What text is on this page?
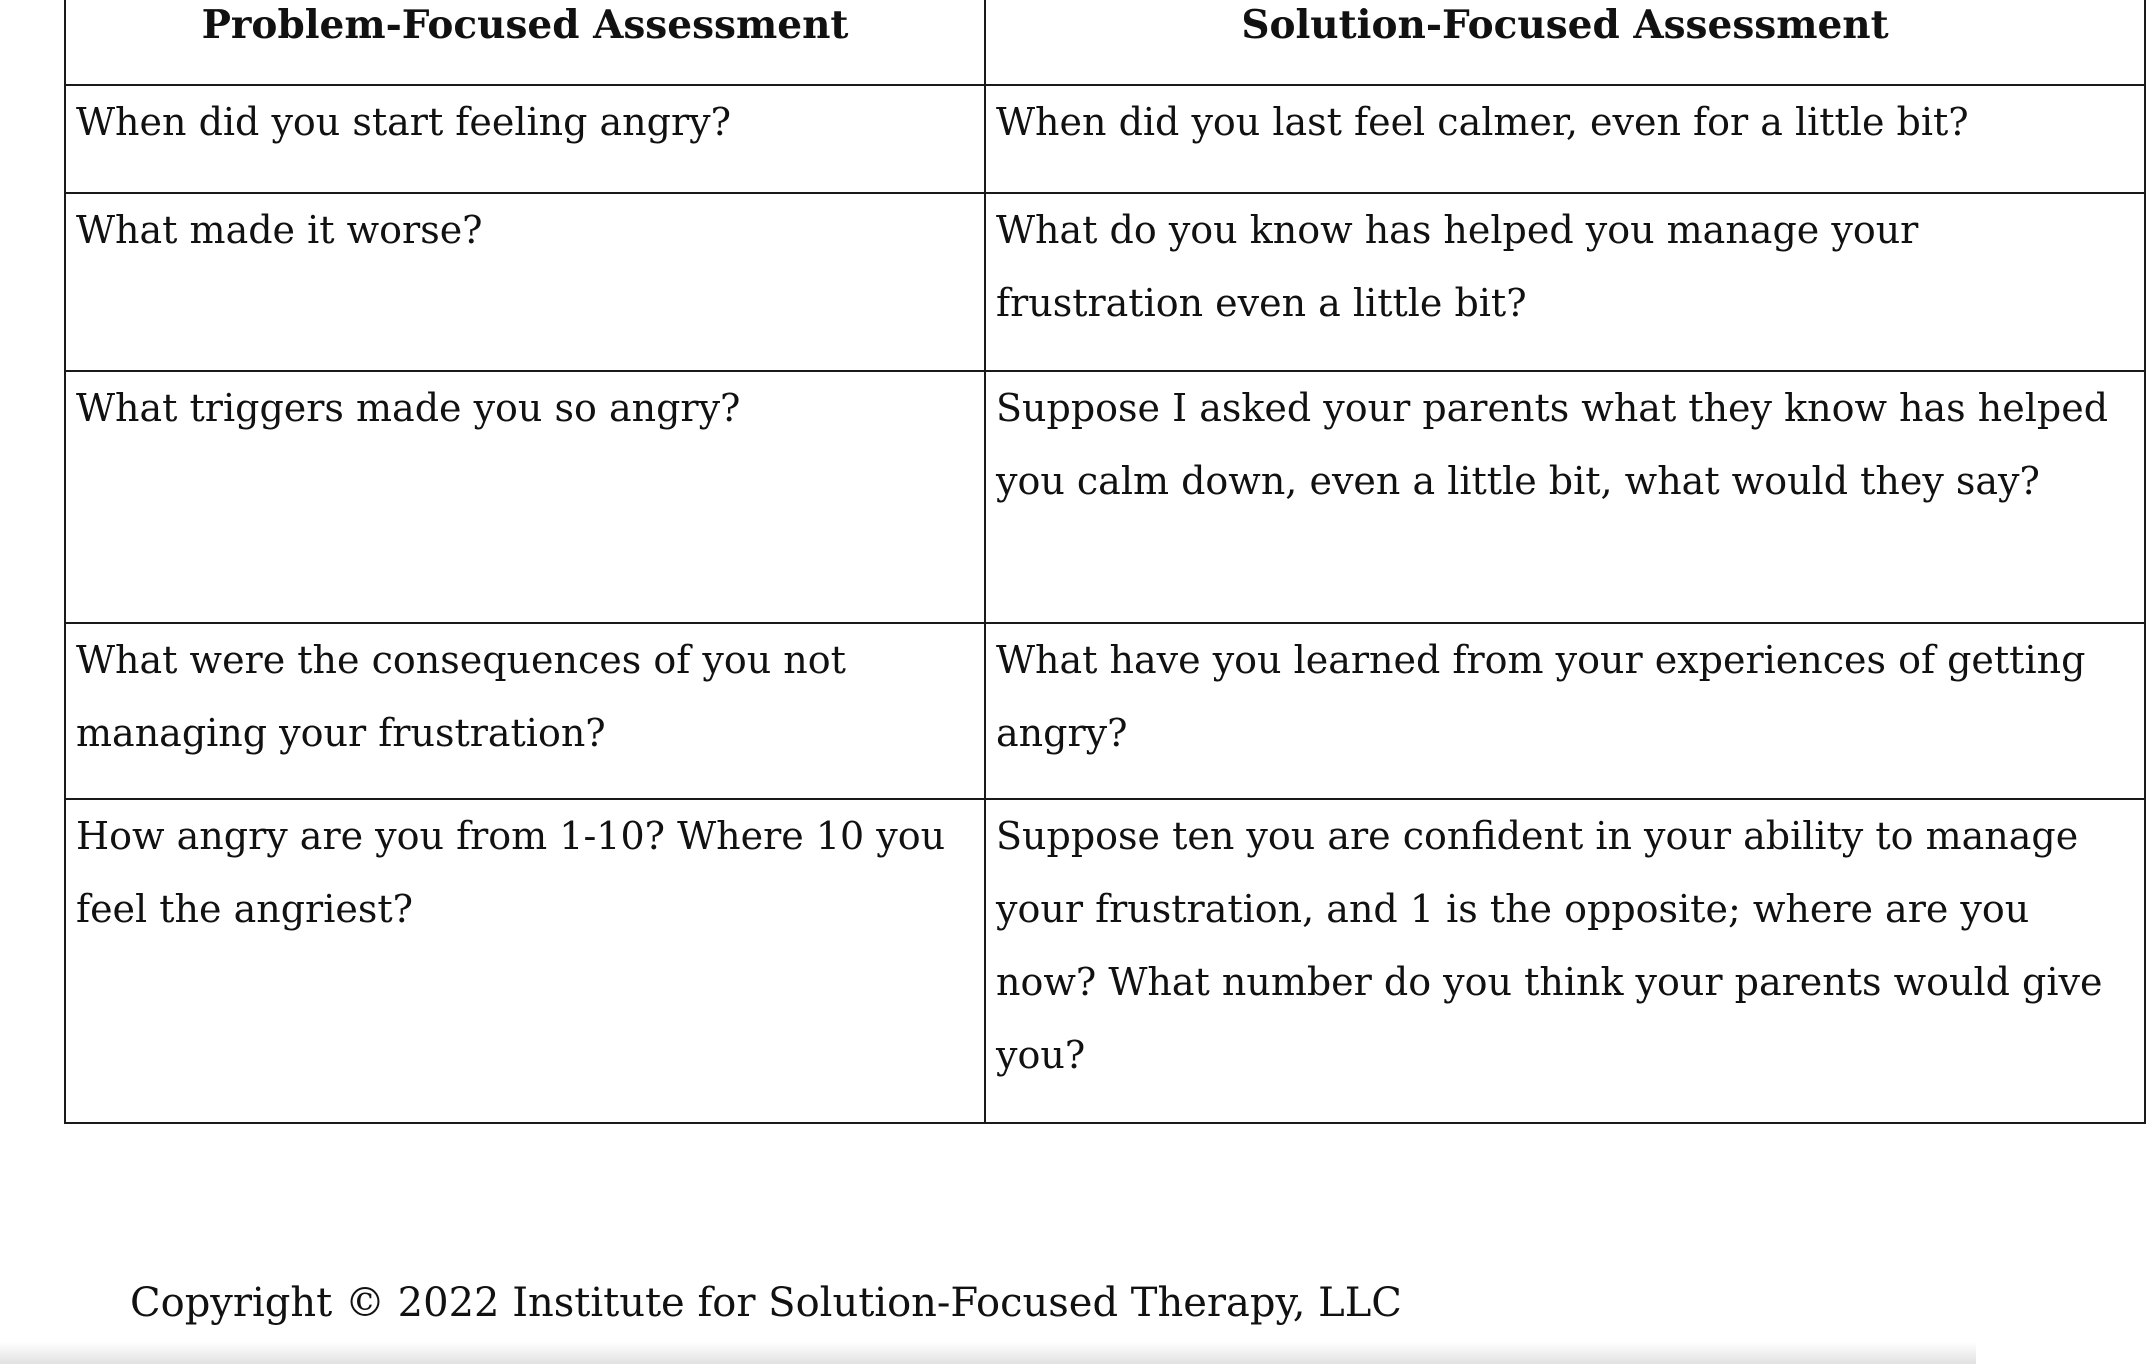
Problem-Focused Assessment	Solution-Focused Assessment

When did you start feeling angry?	When did you last feel calmer, even for a little bit?

What made it worse?	What do you know has helped you manage your frustration even a little bit?

What triggers made you so angry?	Suppose I asked your parents what they know has helped you calm down, even a little bit, what would they say?

What were the consequences of you not managing your frustration?	What have you learned from your experiences of getting angry?

How angry are you from 1-10? Where 10 you feel the angriest?	Suppose ten you are confident in your ability to manage your frustration, and 1 is the opposite; where are you now? What number do you think your parents would give you?
Copyright © 2022 Institute for Solution-Focused Therapy, LLC
